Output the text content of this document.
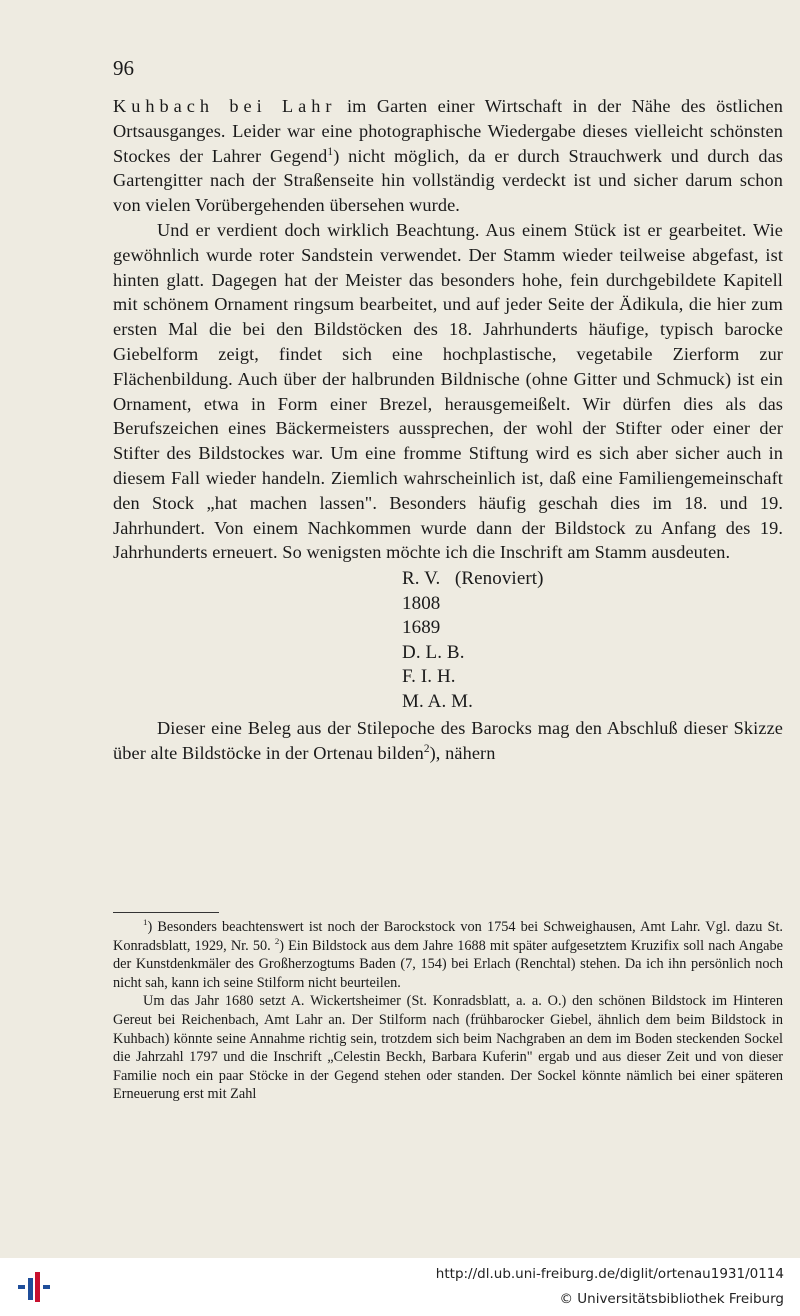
96

Kuhbach bei Lahr im Garten einer Wirtschaft in der Nähe des östlichen Ortsausganges. Leider war eine photographische Wiedergabe dieses vielleicht schönsten Stockes der Lahrer Gegend$^1$) nicht möglich, da er durch Strauchwerk und durch das Gartengitter nach der Straßenseite hin vollständig verdeckt ist und sicher darum schon von vielen Vorübergehenden übersehen wurde.

Und er verdient doch wirklich Beachtung. Aus einem Stück ist er gearbeitet. Wie gewöhnlich wurde roter Sandstein verwendet. Der Stamm wieder teilweise abgefast, ist hinten glatt. Dagegen hat der Meister das besonders hohe, fein durchgebildete Kapitell mit schönem Ornament ringsum bearbeitet, und auf jeder Seite der Ädikula, die hier zum ersten Mal die bei den Bildstöcken des 18. Jahrhunderts häufige, typisch barocke Giebelform zeigt, findet sich eine hochplastische, vegetabile Zierform zur Flächenbildung. Auch über der halbrunden Bildnische (ohne Gitter und Schmuck) ist ein Ornament, etwa in Form einer Brezel, herausgemeißelt. Wir dürfen dies als das Berufszeichen eines Bäckermeisters aussprechen, der wohl der Stifter oder einer der Stifter des Bildstockes war. Um eine fromme Stiftung wird es sich aber sicher auch in diesem Fall wieder handeln. Ziemlich wahrscheinlich ist, daß eine Familiengemeinschaft den Stock „hat machen lassen". Besonders häufig geschah dies im 18. und 19. Jahrhundert. Von einem Nachkommen wurde dann der Bildstock zu Anfang des 19. Jahrhunderts erneuert. So wenigsten möchte ich die Inschrift am Stamm ausdeuten.

R. V.   (Renoviert)
1808
1689
D. L. B.
F. I. H.
M. A. M.

Dieser eine Beleg aus der Stilepoche des Barocks mag den Abschluß dieser Skizze über alte Bildstöcke in der Ortenau bilden$^2$), nähern

$^1$) Besonders beachtenswert ist noch der Barockstock von 1754 bei Schweighausen, Amt Lahr. Vgl. dazu St. Konradsblatt, 1929, Nr. 50. $^2$) Ein Bildstock aus dem Jahre 1688 mit später aufgesetztem Kruzifix soll nach Angabe der Kunstdenkmäler des Großherzogtums Baden (7, 154) bei Erlach (Renchtal) stehen. Da ich ihn persönlich noch nicht sah, kann ich seine Stilform nicht beurteilen.

Um das Jahr 1680 setzt A. Wickertsheimer (St. Konradsblatt, a. a. O.) den schönen Bildstock im Hinteren Gereut bei Reichenbach, Amt Lahr an. Der Stilform nach (frühbarocker Giebel, ähnlich dem beim Bildstock in Kuhbach) könnte seine Annahme richtig sein, trotzdem sich beim Nachgraben an dem im Boden steckenden Sockel die Jahrzahl 1797 und die Inschrift „Celestin Beckh, Barbara Kuferin" ergab und aus dieser Zeit und von dieser Familie noch ein paar Stöcke in der Gegend stehen oder standen. Der Sockel könnte nämlich bei einer späteren Erneuerung erst mit Zahl

http://dl.ub.uni-freiburg.de/diglit/ortenau1931/0114
© Universitätsbibliothek Freiburg
